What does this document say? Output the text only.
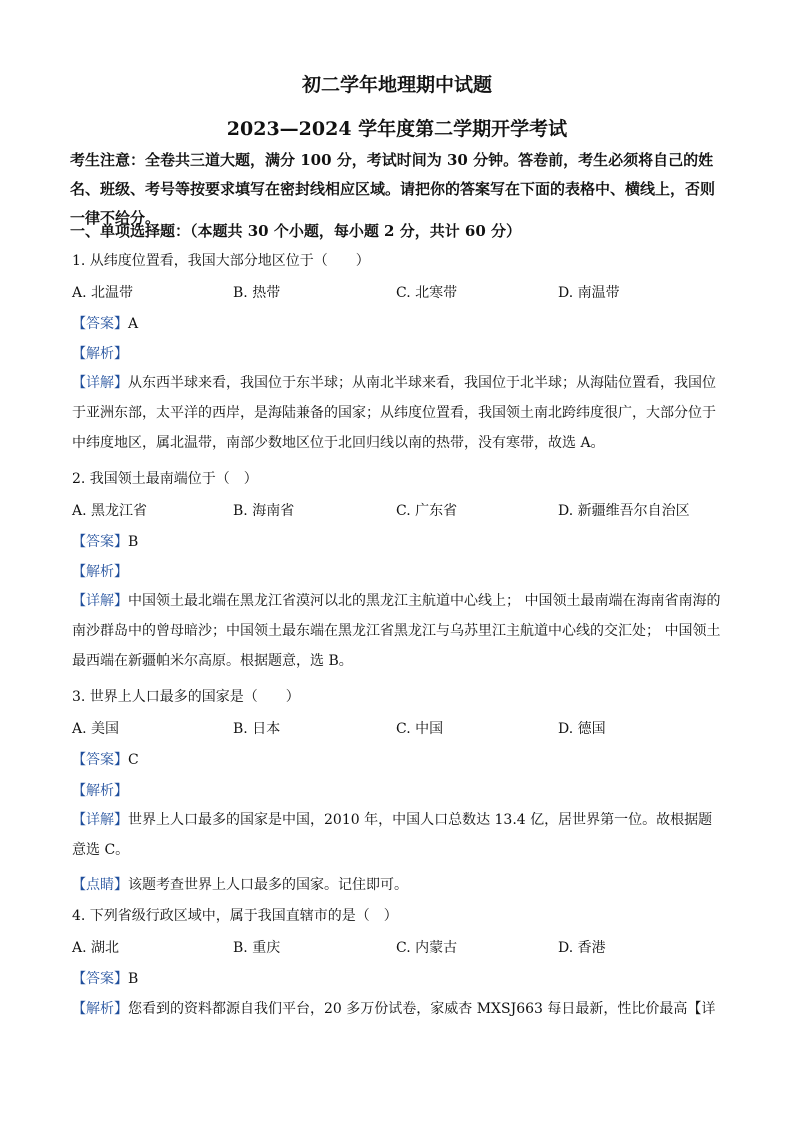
初二学年地理期中试题
2023—2024 学年度第二学期开学考试
考生注意：全卷共三道大题，满分 100 分，考试时间为 30 分钟。答卷前，考生必须将自己的姓名、班级、考号等按要求填写在密封线相应区域。请把你的答案写在下面的表格中、横线上，否则一律不给分。
一、单项选择题：（本题共 30 个小题，每小题 2 分，共计 60 分）
1. 从纬度位置看，我国大部分地区位于（　　）
A. 北温带	B. 热带	C. 北寒带	D. 南温带
【答案】A
【解析】
【详解】从东西半球来看，我国位于东半球；从南北半球来看，我国位于北半球；从海陆位置看，我国位于亚洲东部，太平洋的西岸，是海陆兼备的国家；从纬度位置看，我国领土南北跨纬度很广，大部分位于中纬度地区，属北温带，南部少数地区位于北回归线以南的热带，没有寒带，故选 A。
2. 我国领土最南端位于（　）
A. 黑龙江省	B. 海南省	C. 广东省	D. 新疆维吾尔自治区
【答案】B
【解析】
【详解】中国领土最北端在黑龙江省漠河以北的黑龙江主航道中心线上； 中国领土最南端在海南省南海的南沙群岛中的曾母暗沙；中国领土最东端在黑龙江省黑龙江与乌苏里江主航道中心线的交汇处； 中国领土最西端在新疆帕米尔高原。根据题意，选 B。
3. 世界上人口最多的国家是（　　）
A. 美国	B. 日本	C. 中国	D. 德国
【答案】C
【解析】
【详解】世界上人口最多的国家是中国，2010 年，中国人口总数达 13.4 亿，居世界第一位。故根据题意选 C。
【点睛】该题考查世界上人口最多的国家。记住即可。
4. 下列省级行政区域中，属于我国直辖市的是（　）
A. 湖北	B. 重庆	C. 内蒙古	D. 香港
【答案】B
【解析】您看到的资料都源自我们平台，20 多万份试卷，家威杏 MXSJ663 每日最新，性比价最高【详
